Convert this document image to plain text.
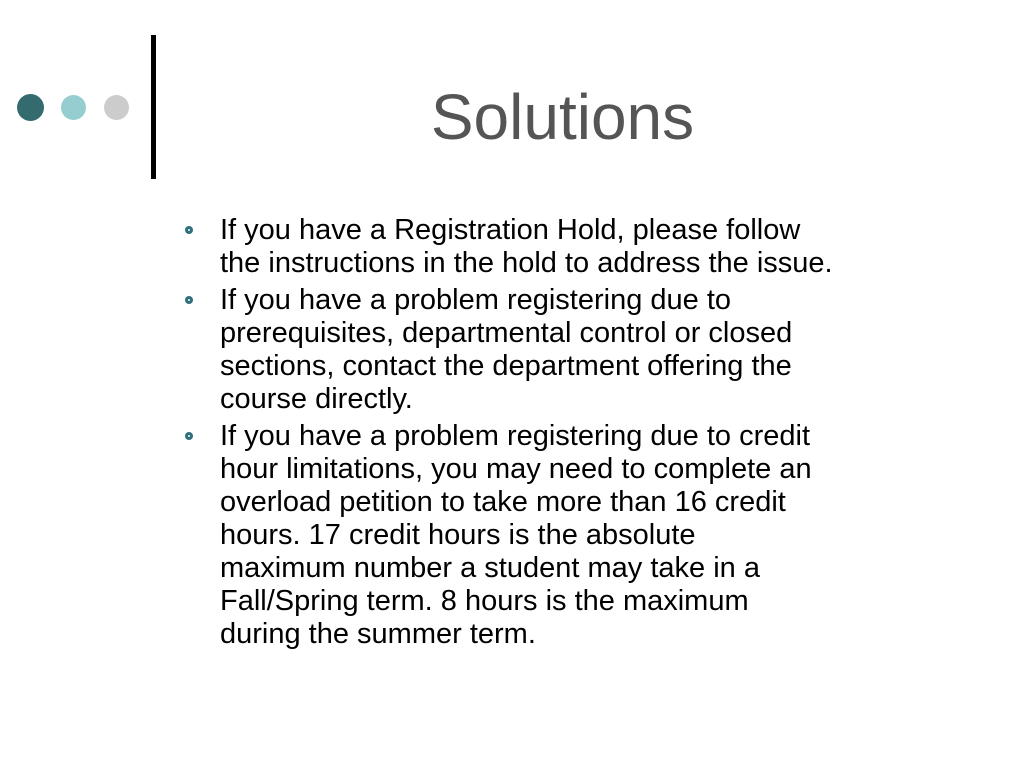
Solutions
If you have a Registration Hold, please follow
the instructions in the hold to address the issue.
If you have a problem registering due to
prerequisites, departmental control or closed
sections, contact the department offering the
course directly.
If you have a problem registering due to credit
hour limitations, you may need to complete an
overload petition to take more than 16 credit
hours. 17 credit hours is the absolute
maximum number a student may take in a
Fall/Spring term. 8 hours is the maximum
during the summer term.
